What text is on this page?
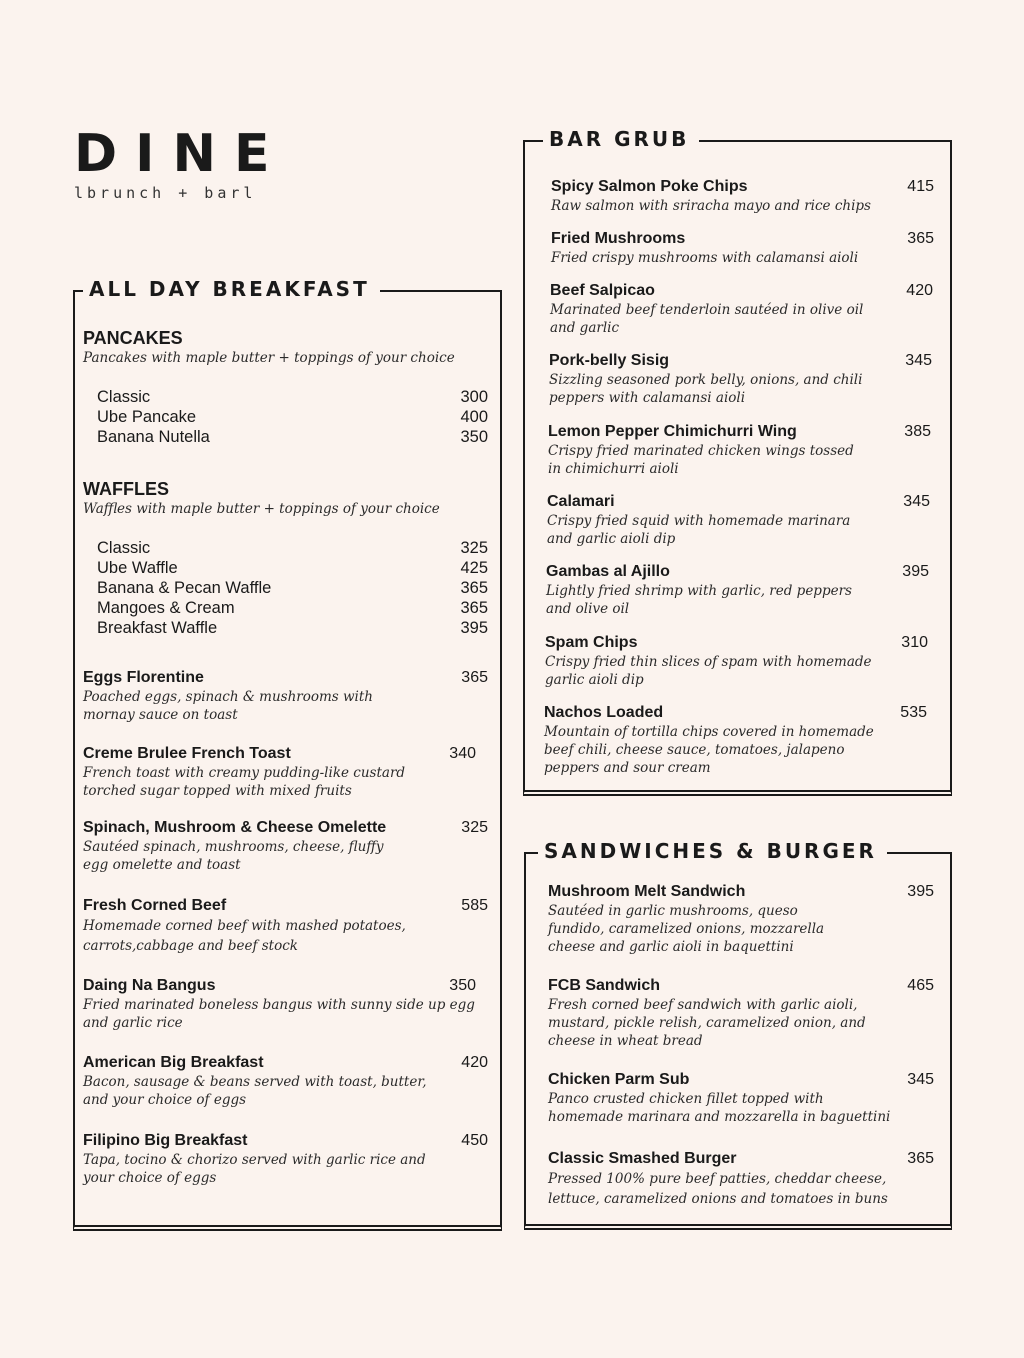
DINE
lbrunch + barl
ALL DAY BREAKFAST
PANCAKES
Pancakes with maple butter + toppings of your choice
Classic	300
Ube Pancake	400
Banana Nutella	350
WAFFLES
Waffles with maple butter + toppings of your choice
Classic	325
Ube Waffle	425
Banana & Pecan Waffle	365
Mangoes & Cream	365
Breakfast Waffle	395
Eggs Florentine	365
Poached eggs, spinach & mushrooms with mornay sauce on toast
Creme Brulee French Toast	340
French toast with creamy pudding-like custard torched sugar topped with mixed fruits
Spinach, Mushroom & Cheese Omelette	325
Sautéed spinach, mushrooms, cheese, fluffy egg omelette and toast
Fresh Corned Beef	585
Homemade corned beef with mashed potatoes, carrots,cabbage and beef stock
Daing Na Bangus	350
Fried marinated boneless bangus with sunny side up egg and garlic rice
American Big Breakfast	420
Bacon, sausage & beans served with toast, butter, and your choice of eggs
Filipino Big Breakfast	450
Tapa, tocino & chorizo served with garlic rice and your choice of eggs
BAR GRUB
Spicy Salmon Poke Chips	415
Raw salmon with sriracha mayo and rice chips
Fried Mushrooms	365
Fried crispy mushrooms with calamansi aioli
Beef Salpicao	420
Marinated beef tenderloin sautéed in olive oil and garlic
Pork-belly Sisig	345
Sizzling seasoned pork belly, onions, and chili peppers with calamansi aioli
Lemon Pepper Chimichurri Wing	385
Crispy fried marinated chicken wings tossed in chimichurri aioli
Calamari	345
Crispy fried squid with homemade marinara and garlic aioli dip
Gambas al Ajillo	395
Lightly fried shrimp with garlic, red peppers and olive oil
Spam Chips	310
Crispy fried thin slices of spam with homemade garlic aioli dip
Nachos Loaded	535
Mountain of tortilla chips covered in homemade beef chili, cheese sauce, tomatoes, jalapeno peppers and sour cream
SANDWICHES & BURGER
Mushroom Melt Sandwich	395
Sautéed in garlic mushrooms, queso fundido, caramelized onions, mozzarella cheese and garlic aioli in baquettini
FCB Sandwich	465
Fresh corned beef sandwich with garlic aioli, mustard, pickle relish, caramelized onion, and cheese in wheat bread
Chicken Parm Sub	345
Panco crusted chicken fillet topped with homemade marinara and mozzarella in baguettini
Classic Smashed Burger	365
Pressed 100% pure beef patties, cheddar cheese, lettuce, caramelized onions and tomatoes in buns
